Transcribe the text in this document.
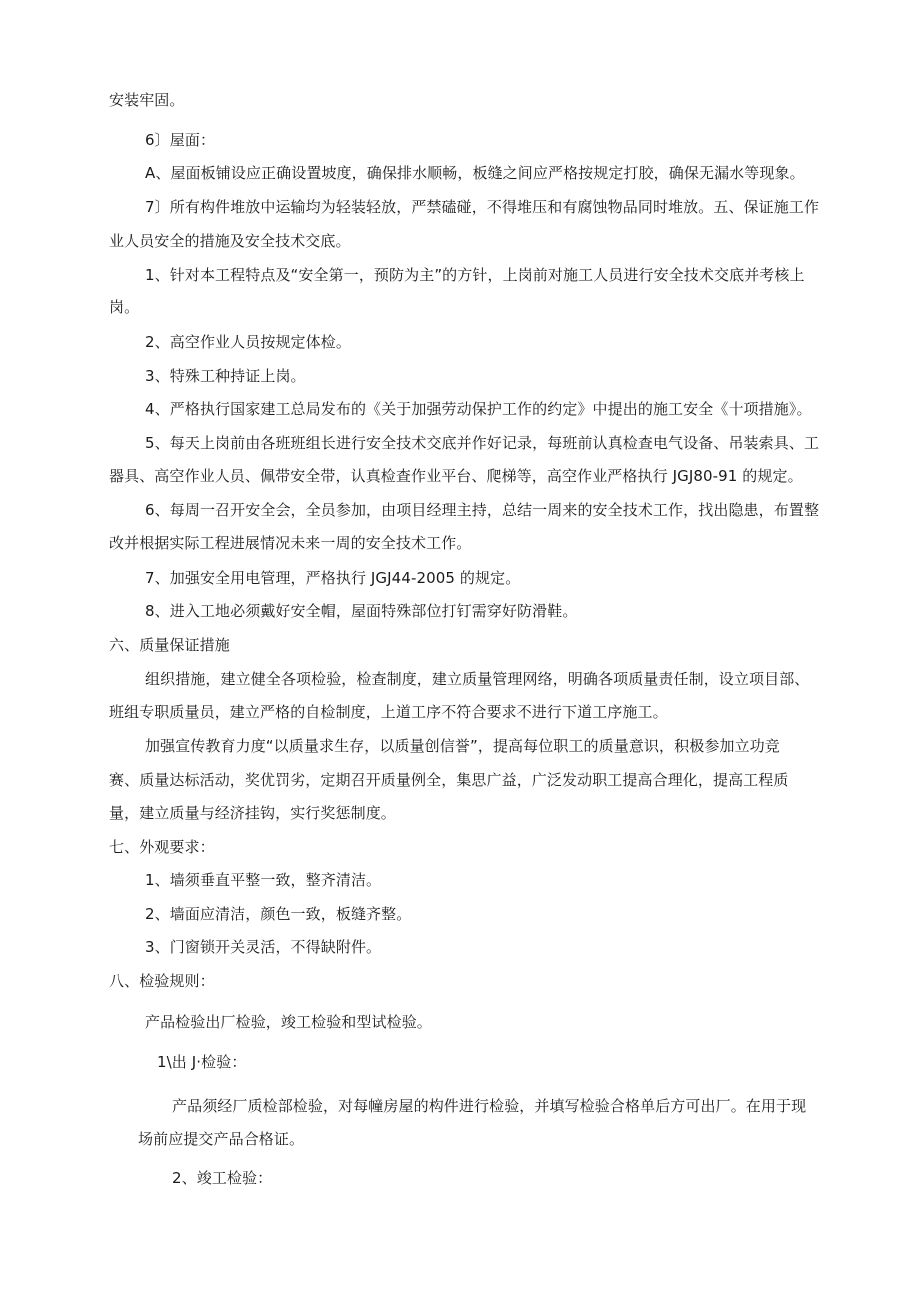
安装牢固。

6〕屋面：

A、屋面板铺设应正确设置坡度，确保排水顺畅，板缝之间应严格按规定打胶，确保无漏水等现象。

7〕所有构件堆放中运输均为轻装轻放，严禁磕碰，不得堆压和有腐蚀物品同时堆放。五、保证施工作

业人员安全的措施及安全技术交底。

1、针对本工程特点及“安全第一，预防为主”的方针，上岗前对施工人员进行安全技术交底并考核上

岗。

2、高空作业人员按规定体检。

3、特殊工种持证上岗。

4、严格执行国家建工总局发布的《关于加强劳动保护工作的约定》中提出的施工安全《十项措施》。

5、每天上岗前由各班班组长进行安全技术交底并作好记录，每班前认真检查电气设备、吊装索具、工

器具、高空作业人员、佩带安全带，认真检查作业平台、爬梯等，高空作业严格执行 JGJ80-91 的规定。

6、每周一召开安全会，全员参加，由项目经理主持，总结一周来的安全技术工作，找出隐患，布置整

改并根据实际工程进展情况未来一周的安全技术工作。

7、加强安全用电管理，严格执行 JGJ44-2005 的规定。

8、进入工地必须戴好安全帽，屋面特殊部位打钉需穿好防滑鞋。

六、质量保证措施

组织措施，建立健全各项检验，检查制度，建立质量管理网络，明确各项质量责任制，设立项目部、

班组专职质量员，建立严格的自检制度，上道工序不符合要求不进行下道工序施工。

加强宣传教育力度“以质量求生存，以质量创信誉”，提高每位职工的质量意识，积极参加立功竞

赛、质量达标活动，奖优罚劣，定期召开质量例全，集思广益，广泛发动职工提高合理化，提高工程质

量，建立质量与经济挂钩，实行奖惩制度。

七、外观要求：

1、墙须垂直平整一致，整齐清洁。

2、墙面应清洁，颜色一致，板缝齐整。

3、门窗锁开关灵活，不得缺附件。

八、检验规则：

产品检验出厂检验，竣工检验和型试检验。

1\出 J·检验：

产品须经厂质检部检验，对每幢房屋的构件进行检验，并填写检验合格单后方可出厂。在用于现

场前应提交产品合格证。

2、竣工检验：
